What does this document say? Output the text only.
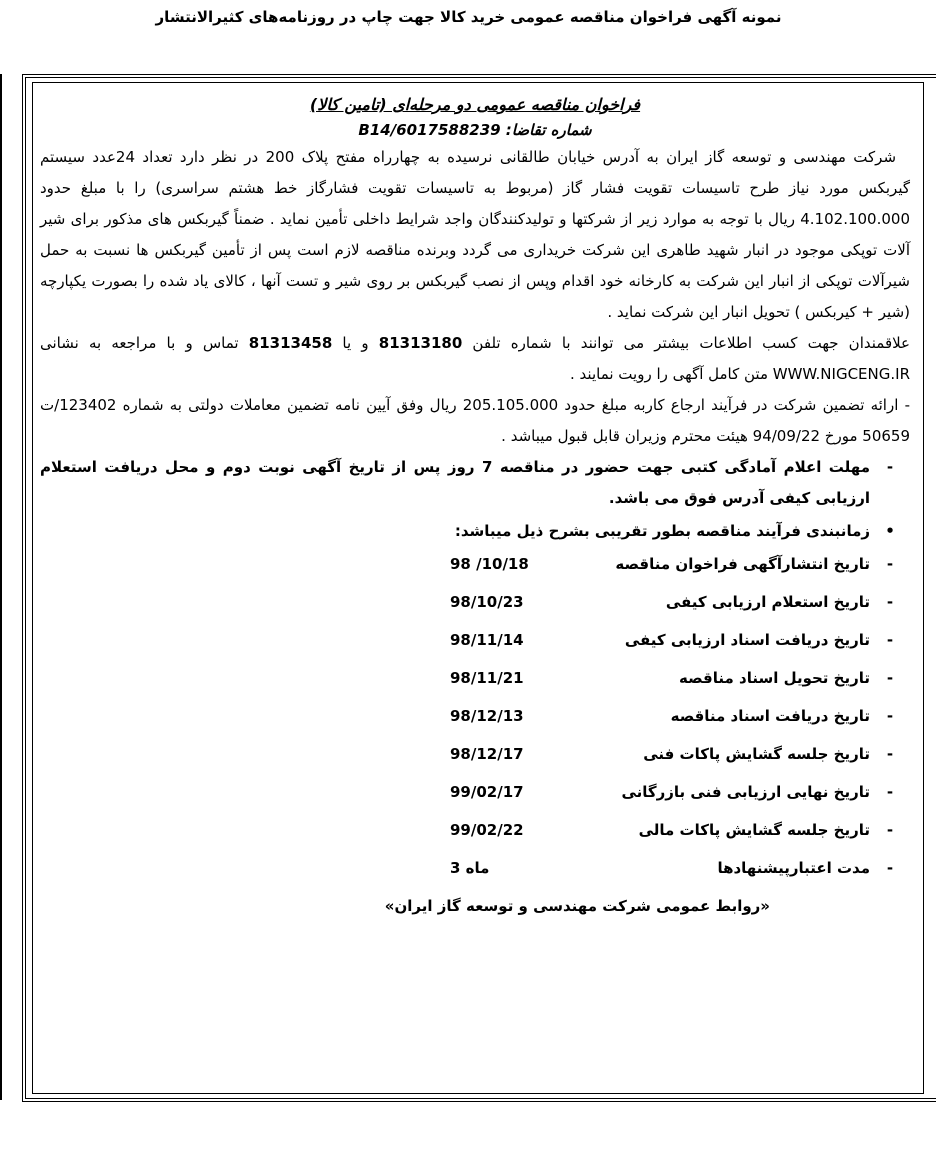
نمونه آگهی فراخوان مناقصه عمومی خرید کالا جهت چاپ در روزنامه‌های کثیرالانتشار
فراخوان مناقصه عمومی دو مرحله‌ای (تامین کالا)
شماره تقاضا: B14/6017588239
شرکت مهندسی و توسعه گاز ایران به آدرس خیابان طالقانی نرسیده به چهارراه مفتح پلاک 200 در نظر دارد تعداد 24عدد سیستم گیربکس مورد نیاز طرح تاسیسات تقویت فشار گاز (مربوط به تاسیسات تقویت فشارگاز خط هشتم سراسری) را با مبلغ حدود 4.102.100.000 ریال با توجه به موارد زیر از شرکتها و تولیدکنندگان واجد شرایط داخلی تأمین نماید . ضمناً گیربکس های مذکور برای شیر آلات توپکی موجود در انبار شهید طاهری این شرکت خریداری می گردد وبرنده مناقصه لازم است پس از تأمین گیربکس ها نسبت به حمل شیرآلات توپکی از انبار این شرکت به کارخانه خود اقدام وپس از نصب گیربکس بر روی شیر و تست آنها ، کالای یاد شده را بصورت یکپارچه (شیر + کیربکس ) تحویل انبار این شرکت نماید .
علاقمندان جهت کسب اطلاعات بیشتر می توانند با شماره تلفن 81313180 و یا 81313458 تماس و با مراجعه به نشانی WWW.NIGCENG.IR متن کامل آگهی را رویت نمایند .
- ارائه تضمین شرکت در فرآیند ارجاع کاربه مبلغ حدود 205.105.000 ریال وفق آیین نامه تضمین معاملات دولتی به شماره 123402/ت 50659 مورخ 94/09/22 هیئت محترم وزیران قابل قبول میباشد .
-
مهلت اعلام آمادگی کتبی جهت حضور در مناقصه 7 روز پس از تاریخ آگهی نوبت دوم و محل دریافت استعلام ارزیابی کیفی آدرس فوق می باشد.
•
زمانبندی فرآیند مناقصه بطور تقریبی بشرح ذیل میباشد:
-
تاریخ انتشارآگهی فراخوان مناقصه
98 /10/18
-
تاریخ استعلام ارزیابی کیفی
98/10/23
-
تاریخ دریافت اسناد ارزیابی کیفی
98/11/14
-
تاریخ تحویل اسناد مناقصه
98/11/21
-
تاریخ دریافت اسناد مناقصه
98/12/13
-
تاریخ جلسه گشایش پاکات فنی
98/12/17
-
تاریخ نهایی ارزیابی فنی بازرگانی
99/02/17
-
تاریخ جلسه گشایش پاکات مالی
99/02/22
-
مدت اعتبارپیشنهادها
3 ماه
«روابط عمومی شرکت مهندسی و توسعه گاز ایران»
